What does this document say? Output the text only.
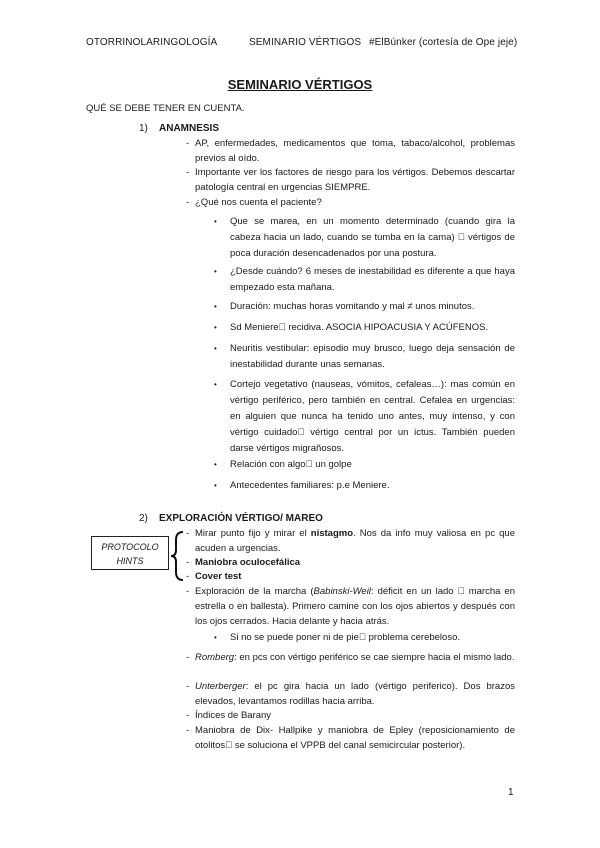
OTORRINOLARINGOLOGÍA	SEMINARIO VÉRTIGOS #ElBúnker (cortesía de Ope jeje)
SEMINARIO VÉRTIGOS
QUÉ SE DEBE TENER EN CUENTA.
1) ANAMNESIS
- AP, enfermedades, medicamentos que toma, tabaco/alcohol, problemas previos al oído.
- Importante ver los factores de riesgo para los vértigos. Debemos descartar patología central en urgencias SIEMPRE.
- ¿Qué nos cuenta el paciente?
• Que se marea, en un momento determinado (cuando gira la cabeza hacia un lado, cuando se tumba en la cama)   vértigos de poca duración desencadenados por una postura.
• ¿Desde cuándo? 6 meses de inestabilidad es diferente a que haya empezado esta mañana.
• Duración: muchas horas vomitando y mal ≠ unos minutos.
• Sd Meniere  recidiva. ASOCIA HIPOACUSIA Y ACÚFENOS.
• Neuritis vestibular: episodio muy brusco, luego deja sensación de inestabilidad durante unas semanas.
• Cortejo vegetativo (nauseas, vómitos, cefaleas…): mas común en vértigo periférico, pero también en central. Cefalea en urgencias: en alguien que nunca ha tenido uno antes, muy intenso, y con vértigo cuidado  vértigo central por un ictus. También pueden darse vértigos migrañosos.
• Relación con algo  un golpe
• Antecedentes familiares: p.e Meniere.
2) EXPLORACIÓN VÉRTIGO/ MAREO
PROTOCOLO
HINTS
- Mirar punto fijo y mirar el nistagmo. Nos da info muy valiosa en pc que acuden a urgencias.
- Maniobra oculocefálica
- Cover test
- Exploración de la marcha (Babinski-Weil: déficit en un lado   marcha en estrella o en ballesta). Primero camine con los ojos abiertos y después con los ojos cerrados. Hacia delante y hacia atrás.
• Si no se puede poner ni de pie  problema cerebeloso.
- Romberg: en pcs con vértigo periférico se cae siempre hacia el mismo lado.
- Unterberger: el pc gira hacia un lado (vértigo periferico). Dos brazos elevados, levantamos rodillas hacia arriba.
- Índices de Barany
- Maniobra de Dix- Hallpike y maniobra de Epley (reposicionamiento de otolitos  se soluciona el VPPB del canal semicircular posterior).
1
